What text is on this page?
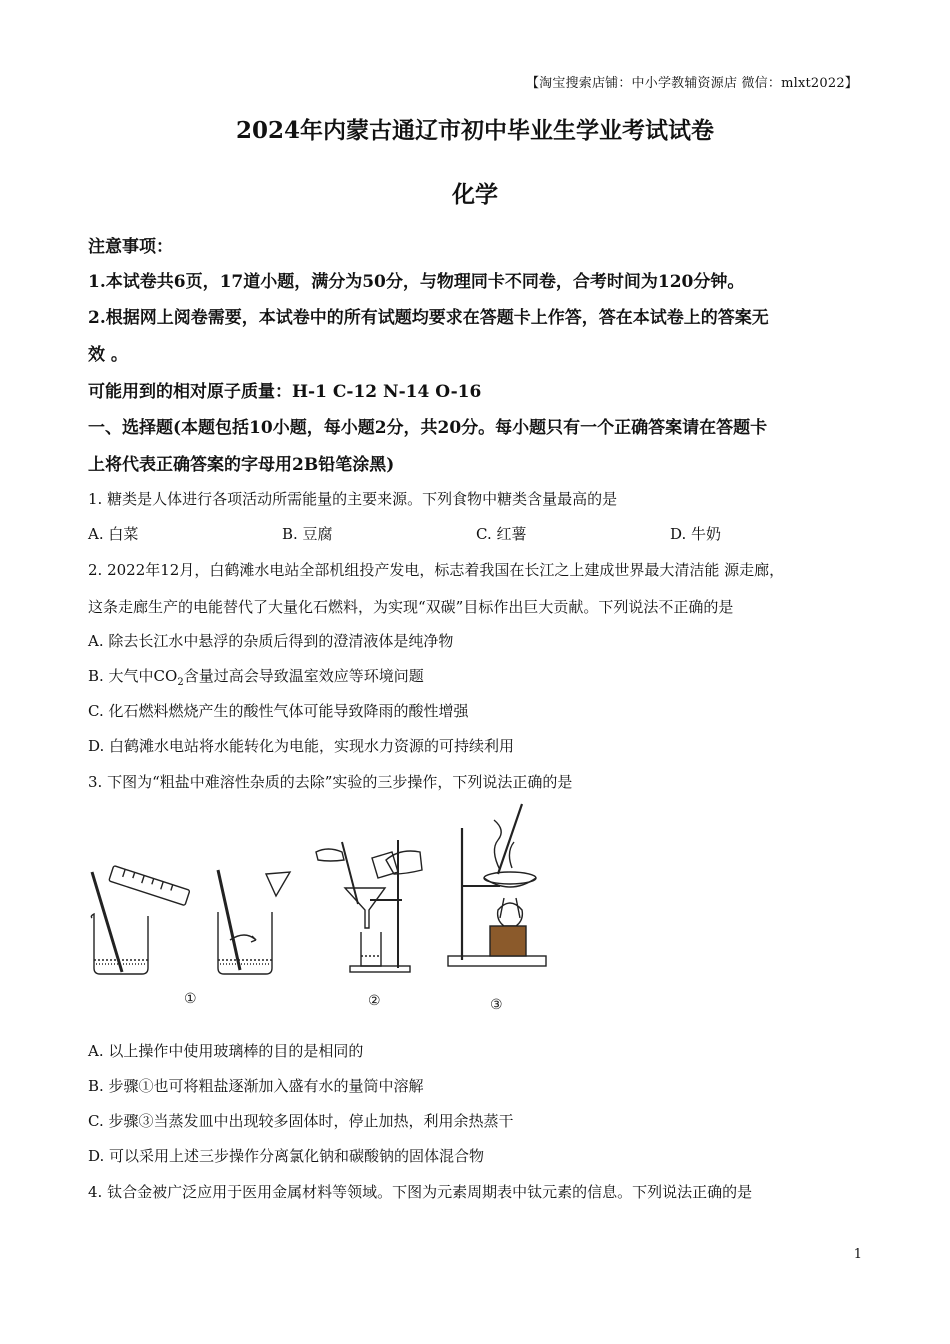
【淘宝搜索店铺：中小学教辅资源店 微信：mlxt2022】
2024年内蒙古通辽市初中毕业生学业考试试卷
化学
注意事项：
1.本试卷共6页，17道小题，满分为50分，与物理同卡不同卷，合考时间为120分钟。
2.根据网上阅卷需要，本试卷中的所有试题均要求在答题卡上作答，答在本试卷上的答案无
效 。
可能用到的相对原子质量：H-1 C-12 N-14 O-16
一、选择题(本题包括10小题，每小题2分，共20分。每小题只有一个正确答案请在答题卡
上将代表正确答案的字母用2B铅笔涂黑)
1. 糖类是人体进行各项活动所需能量的主要来源。下列食物中糖类含量最高的是
A. 白菜	B. 豆腐	C. 红薯	D. 牛奶
2. 2022年12月，白鹤滩水电站全部机组投产发电，标志着我国在长江之上建成世界最大清洁能 源走廊，
这条走廊生产的电能替代了大量化石燃料，为实现“双碳”目标作出巨大贡献。下列说法不正确的是
A. 除去长江水中悬浮的杂质后得到的澄清液体是纯净物
B. 大气中$CO_2$含量过高会导致温室效应等环境问题
C. 化石燃料燃烧产生的酸性气体可能导致降雨的酸性增强
D. 白鹤滩水电站将水能转化为电能，实现水力资源的可持续利用
3. 下图为“粗盐中难溶性杂质的去除”实验的三步操作，下列说法正确的是
①	②	③
A. 以上操作中使用玻璃棒的目的是相同的
B. 步骤①也可将粗盐逐渐加入盛有水的量筒中溶解
C. 步骤③当蒸发皿中出现较多固体时，停止加热，利用余热蒸干
D. 可以采用上述三步操作分离氯化钠和碳酸钠的固体混合物
4. 钛合金被广泛应用于医用金属材料等领域。下图为元素周期表中钛元素的信息。下列说法正确的是
1
